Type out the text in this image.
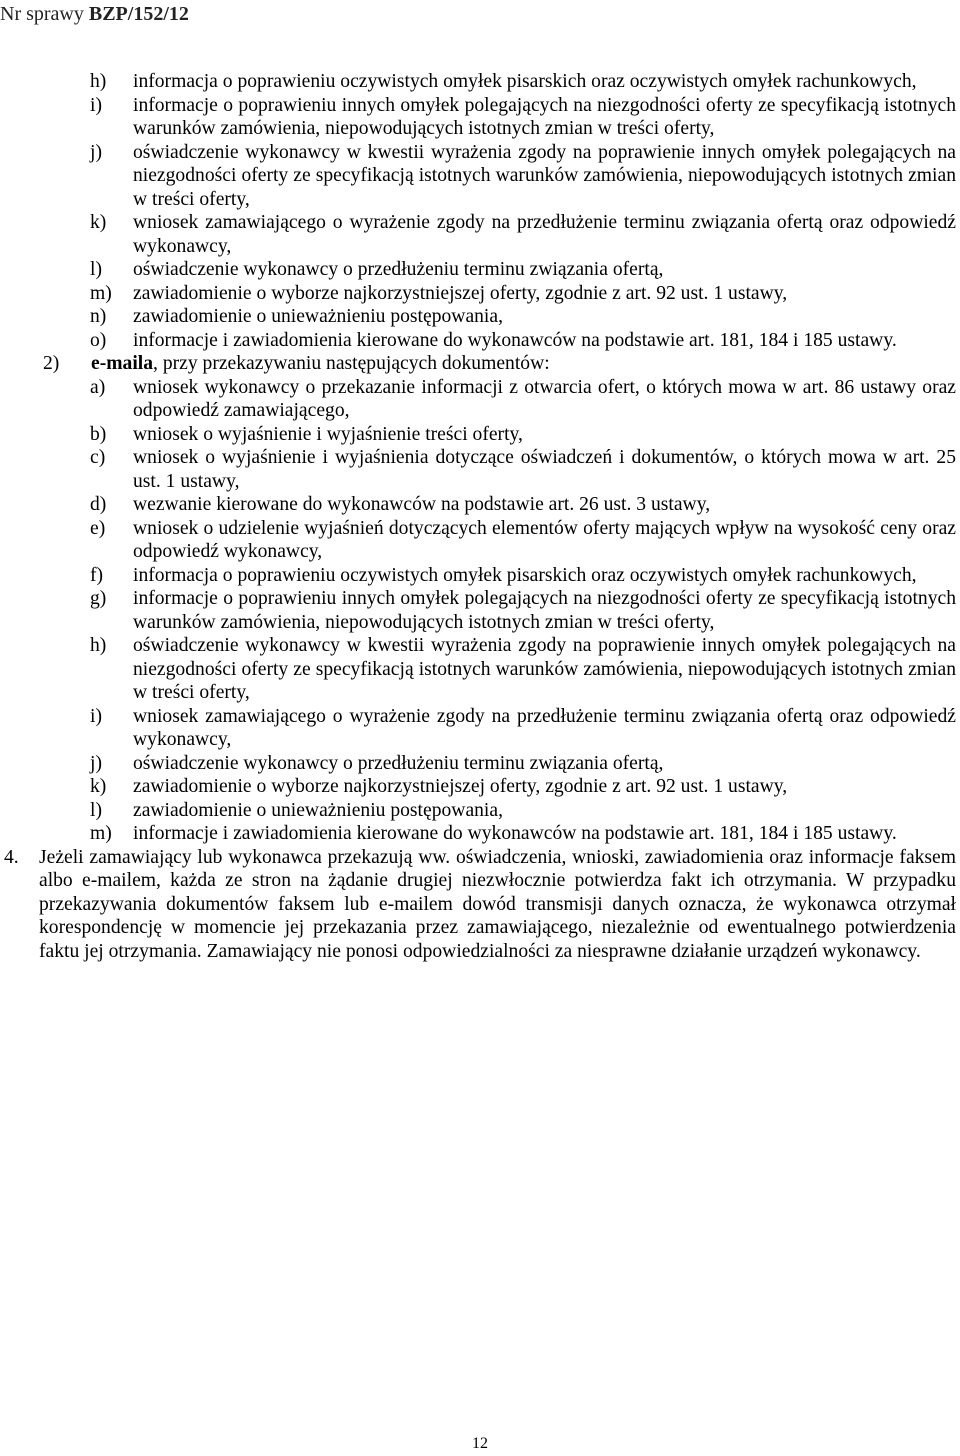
Nr sprawy BZP/152/12
h) informacja o poprawieniu oczywistych omyłek pisarskich oraz oczywistych omyłek rachunkowych,
i) informacje o poprawieniu innych omyłek polegających na niezgodności oferty ze specyfikacją istotnych warunków zamówienia, niepowodujących istotnych zmian w treści oferty,
j) oświadczenie wykonawcy w kwestii wyrażenia zgody na poprawienie innych omyłek polegających na niezgodności oferty ze specyfikacją istotnych warunków zamówienia, niepowodujących istotnych zmian w treści oferty,
k) wniosek zamawiającego o wyrażenie zgody na przedłużenie terminu związania ofertą oraz odpowiedź wykonawcy,
l) oświadczenie wykonawcy o przedłużeniu terminu związania ofertą,
m) zawiadomienie o wyborze najkorzystniejszej oferty, zgodnie z art. 92 ust. 1 ustawy,
n) zawiadomienie o unieważnieniu postępowania,
o) informacje i zawiadomienia kierowane do wykonawców na podstawie art. 181, 184 i 185 ustawy.
2) e-maila, przy przekazywaniu następujących dokumentów:
a) wniosek wykonawcy o przekazanie informacji z otwarcia ofert, o których mowa w art. 86 ustawy oraz odpowiedź zamawiającego,
b) wniosek o wyjaśnienie i wyjaśnienie treści oferty,
c) wniosek o wyjaśnienie i wyjaśnienia dotyczące oświadczeń i dokumentów, o których mowa w art. 25 ust. 1 ustawy,
d) wezwanie kierowane do wykonawców na podstawie art. 26 ust. 3 ustawy,
e) wniosek o udzielenie wyjaśnień dotyczących elementów oferty mających wpływ na wysokość ceny oraz odpowiedź wykonawcy,
f) informacja o poprawieniu oczywistych omyłek pisarskich oraz oczywistych omyłek rachunkowych,
g) informacje o poprawieniu innych omyłek polegających na niezgodności oferty ze specyfikacją istotnych warunków zamówienia, niepowodujących istotnych zmian w treści oferty,
h) oświadczenie wykonawcy w kwestii wyrażenia zgody na poprawienie innych omyłek polegających na niezgodności oferty ze specyfikacją istotnych warunków zamówienia, niepowodujących istotnych zmian w treści oferty,
i) wniosek zamawiającego o wyrażenie zgody na przedłużenie terminu związania ofertą oraz odpowiedź wykonawcy,
j) oświadczenie wykonawcy o przedłużeniu terminu związania ofertą,
k) zawiadomienie o wyborze najkorzystniejszej oferty, zgodnie z art. 92 ust. 1 ustawy,
l) zawiadomienie o unieważnieniu postępowania,
m) informacje i zawiadomienia kierowane do wykonawców na podstawie art. 181, 184 i 185 ustawy.
4. Jeżeli zamawiający lub wykonawca przekazują ww. oświadczenia, wnioski, zawiadomienia oraz informacje faksem albo e-mailem, każda ze stron na żądanie drugiej niezwłocznie potwierdza fakt ich otrzymania. W przypadku przekazywania dokumentów faksem lub e-mailem dowód transmisji danych oznacza, że wykonawca otrzymał korespondencję w momencie jej przekazania przez zamawiającego, niezależnie od ewentualnego potwierdzenia faktu jej otrzymania. Zamawiający nie ponosi odpowiedzialności za niesprawne działanie urządzeń wykonawcy.
12
